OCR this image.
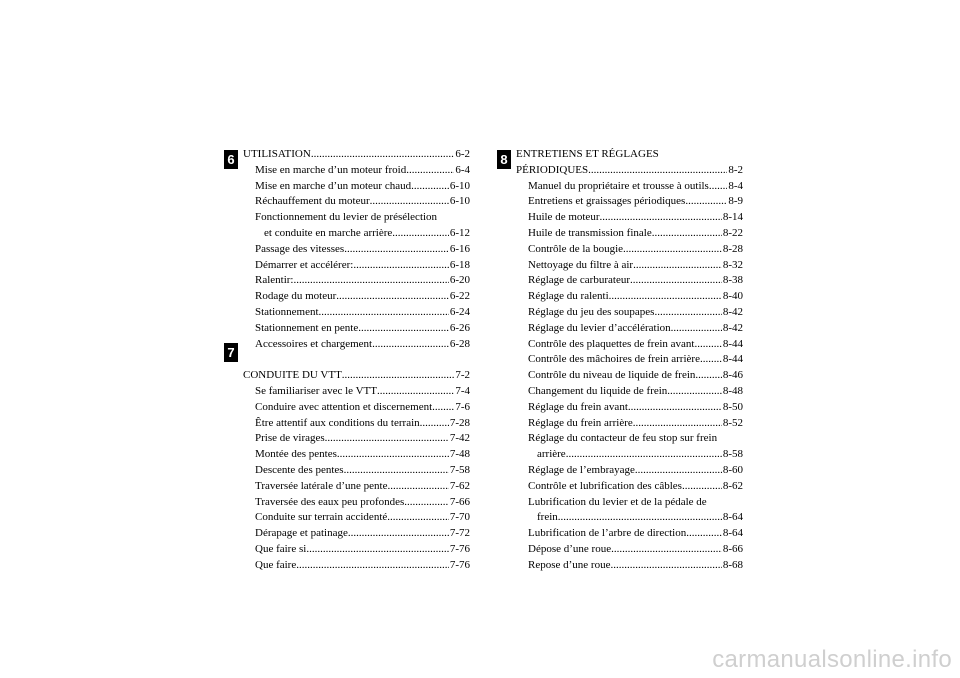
6
7
8
UTILISATION .....	6-2
Mise en marche d’un moteur froid .....	6-4
Mise en marche d’un moteur chaud .....	6-10
Réchauffement du moteur .....	6-10
Fonctionnement du levier de présélection
et conduite en marche arrière .....	6-12
Passage des vitesses .....	6-16
Démarrer et accélérer: .....	6-18
Ralentir: .....	6-20
Rodage du moteur .....	6-22
Stationnement .....	6-24
Stationnement en pente .....	6-26
Accessoires et chargement .....	6-28
CONDUITE DU VTT .....	7-2
Se familiariser avec le VTT .....	7-4
Conduire avec attention et discernement ..... 7-6
Être attentif aux conditions du terrain .....	7-28
Prise de virages .....	7-42
Montée des pentes .....	7-48
Descente des pentes .....	7-58
Traversée latérale d’une pente .....	7-62
Traversée des eaux peu profondes .....	7-66
Conduite sur terrain accidenté .....	7-70
Dérapage et patinage .....	7-72
Que faire si .....	7-76
Que faire .....	7-76
ENTRETIENS ET RÉGLAGES
PÉRIODIQUES .....	8-2
Manuel du propriétaire et trousse à outils ..... 8-4
Entretiens et graissages périodiques .....	8-9
Huile de moteur .....	8-14
Huile de transmission finale .....	8-22
Contrôle de la bougie .....	8-28
Nettoyage du filtre à air .....	8-32
Réglage de carburateur .....	8-38
Réglage du ralenti .....	8-40
Réglage du jeu des soupapes .....	8-42
Réglage du levier d’accélération .....	8-42
Contrôle des plaquettes de frein avant .....	8-44
Contrôle des mâchoires de frein arrière ..... 8-44
Contrôle du niveau de liquide de frein ..... 8-46
Changement du liquide de frein .....	8-48
Réglage du frein avant .....	8-50
Réglage du frein arrière .....	8-52
Réglage du contacteur de feu stop sur frein
arrière .....	8-58
Réglage de l’embrayage .....	8-60
Contrôle et lubrification des câbles .....	8-62
Lubrification du levier et de la pédale de
frein .....	8-64
Lubrification de l’arbre de direction .....	8-64
Dépose d’une roue .....	8-66
Repose d’une roue .....	8-68
carmanualsonline.info
